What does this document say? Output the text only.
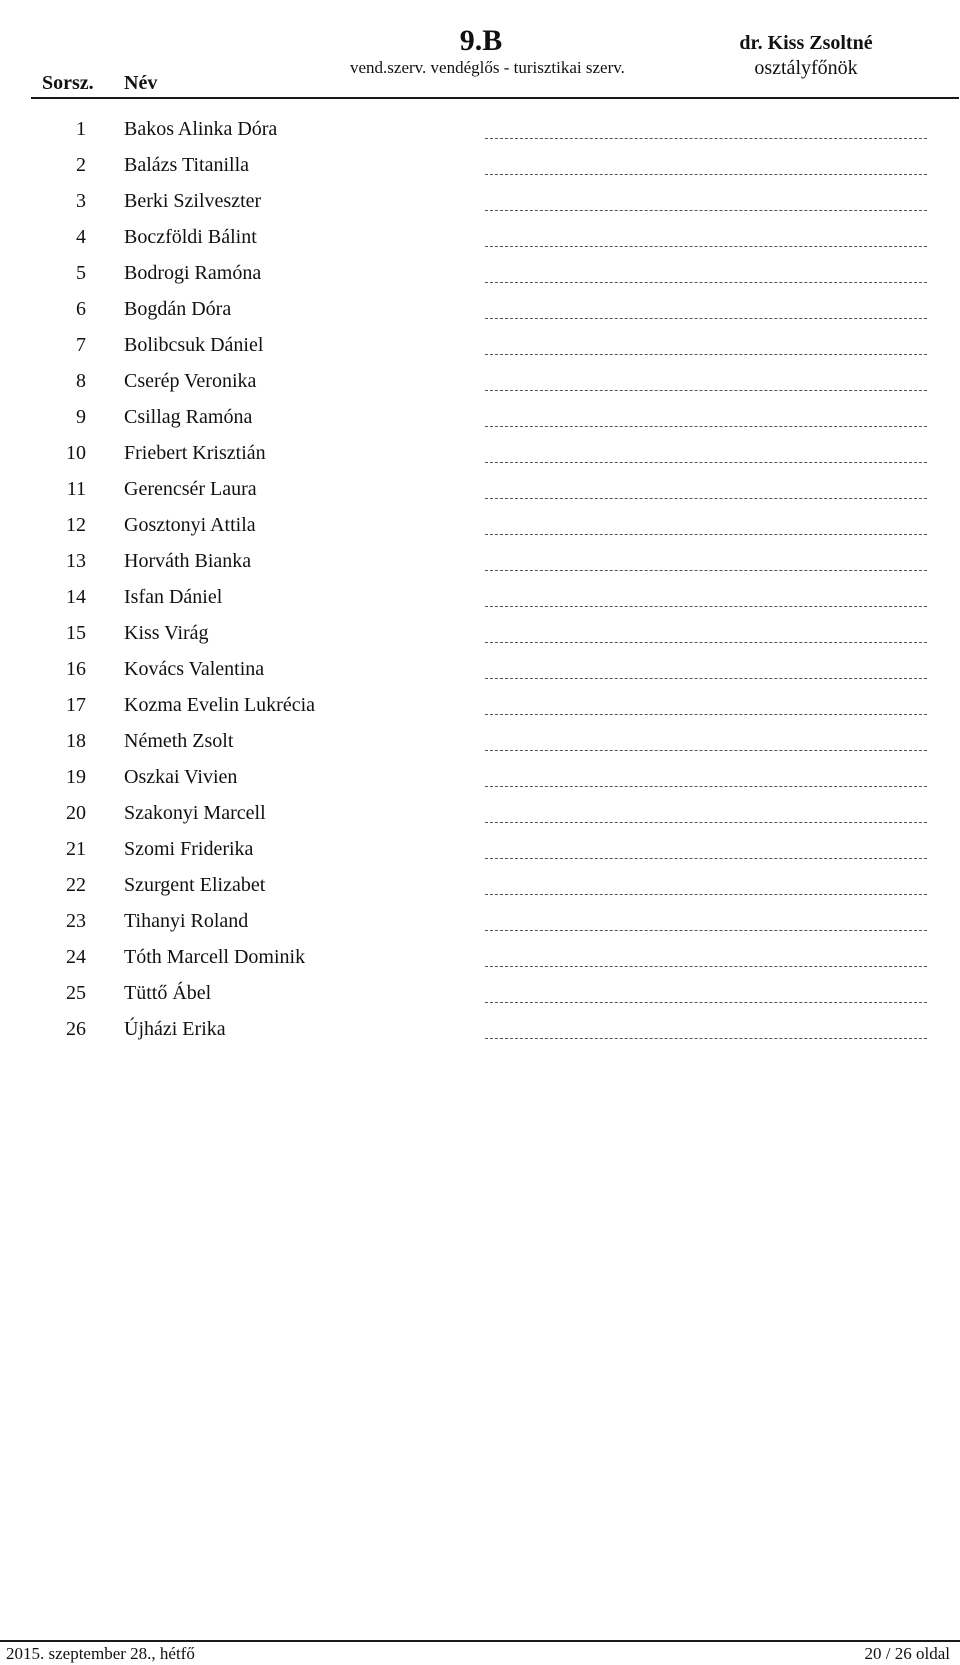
Sorsz. Név
9.B
vend.szerv. vendéglős - turisztikai szerv.
dr. Kiss Zsoltné
osztályfőnök
1 Bakos Alinka Dóra
2 Balázs Titanilla
3 Berki Szilveszter
4 Boczföldi Bálint
5 Bodrogi Ramóna
6 Bogdán Dóra
7 Bolibcsuk Dániel
8 Cserép Veronika
9 Csillag Ramóna
10 Friebert Krisztián
11 Gerencsér Laura
12 Gosztonyi Attila
13 Horváth Bianka
14 Isfan Dániel
15 Kiss Virág
16 Kovács Valentina
17 Kozma Evelin Lukrécia
18 Németh Zsolt
19 Oszkai Vivien
20 Szakonyi Marcell
21 Szomi Friderika
22 Szurgent Elizabet
23 Tihanyi Roland
24 Tóth Marcell Dominik
25 Tüttő Ábel
26 Újházi Erika
2015. szeptember 28., hétfő	20 / 26 oldal
